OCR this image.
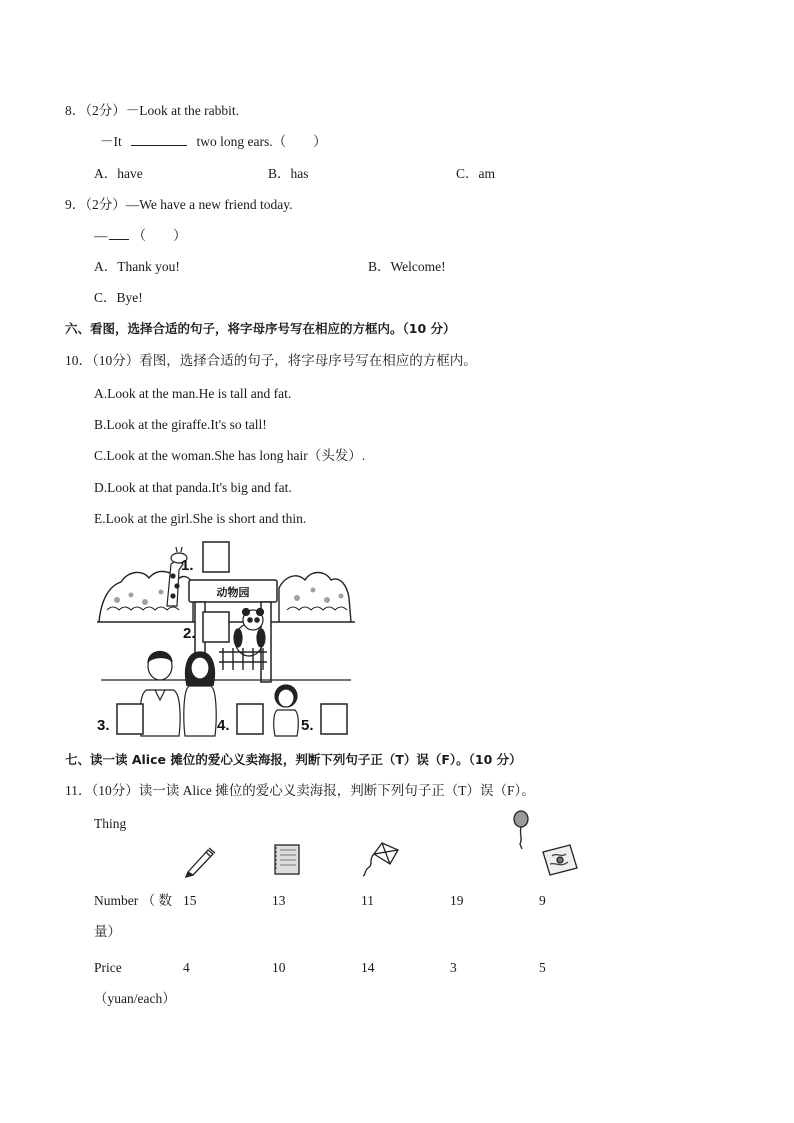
8．（2分）－Look at the rabbit.
－It	two long ears.（　　）
A．have	B．has	C．am
9．（2分）—We have a new friend today.
— （　　）
A．Thank you!	B．Welcome!
C．Bye!
六、看图，选择合适的句子，将字母序号写在相应的方框内。（10 分）
10．（10分）看图，选择合适的句子，将字母序号写在相应的方框内。
A.Look at the man.He is tall and fat.
B.Look at the giraffe.It's so tall!
C.Look at the woman.She has long hair（头发）.
D.Look at that panda.It's big and fat.
E.Look at the girl.She is short and thin.
动物园
1.
2.
3.	4.	5.
七、读一读 Alice 摊位的爱心义卖海报，判断下列句子正（T）误（F）。（10 分）
11．（10分）读一读 Alice 摊位的爱心义卖海报，判断下列句子正（T）误（F）。
Thing
Number （ 数
量）
15	13	11	19	9
Price
（yuan/each）
4	10	14	3	5
